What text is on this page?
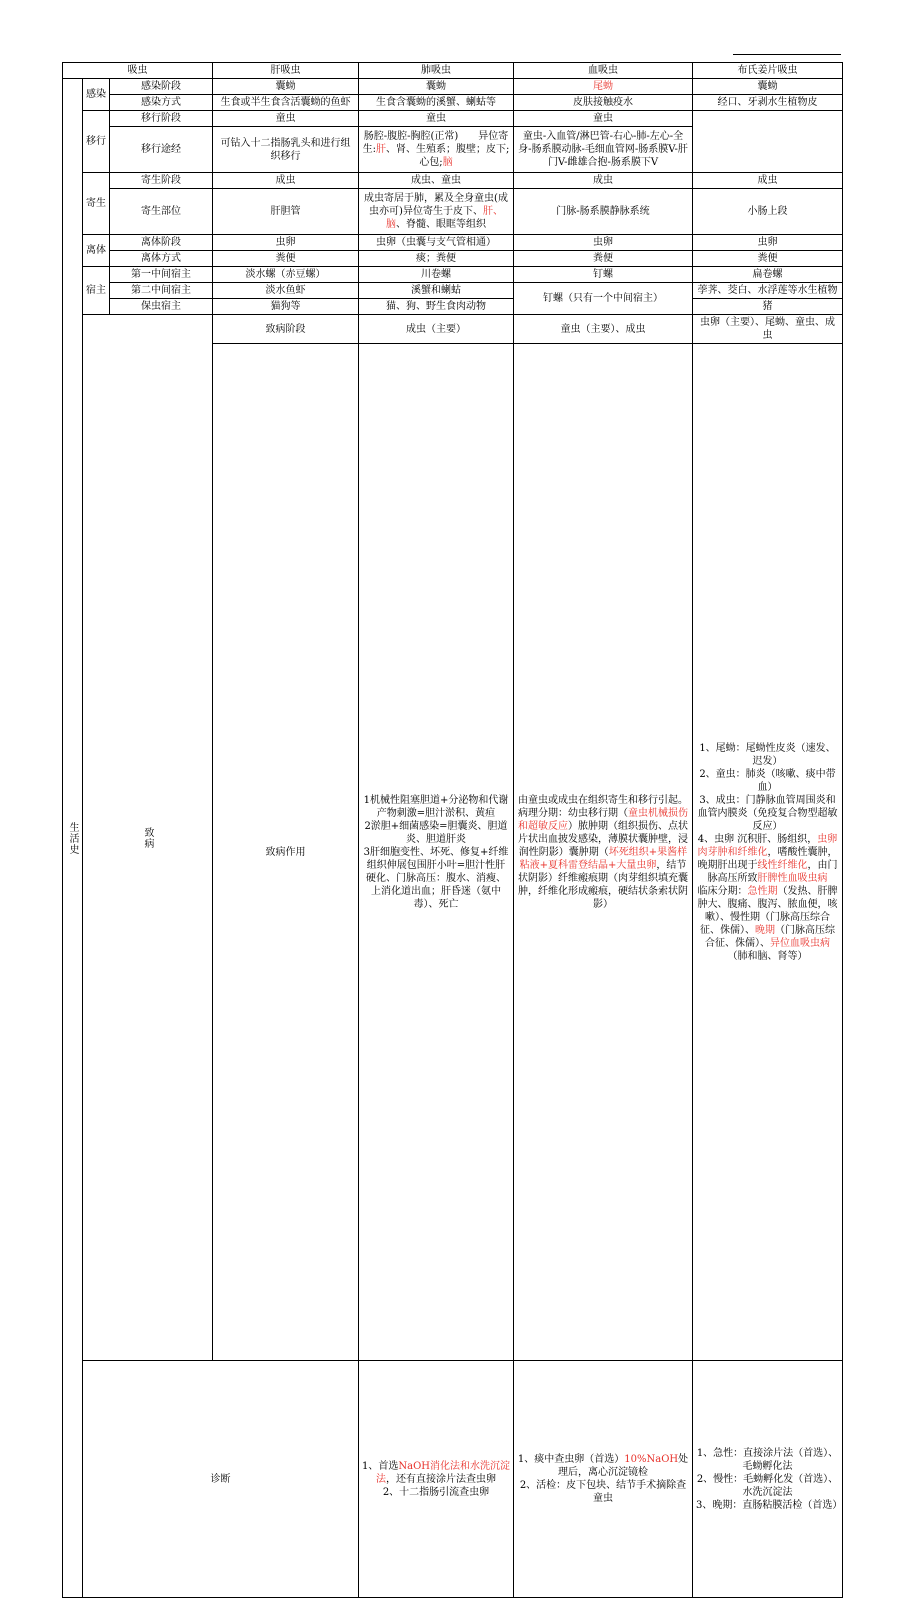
吸虫			肝吸虫	肺吸虫	血吸虫	布氏姜片吸虫	
生活史	感染	感染阶段	囊蚴	囊蚴	尾蚴	囊蚴	
		感染方式	生食或半生食含活囊蚴的鱼虾	生食含囊蚴的溪蟹、蝲蛄等	皮肤接触疫水	经口、牙剥水生植物皮	
	移行	移行阶段	童虫	童虫	童虫		
		移行途经	可钻入十二指肠乳头和进行组织移行	肠腔-腹腔-胸腔(正常)　　异位寄生:肝、肾、生殖系；腹壁；皮下;心包;脑	童虫-入血管/淋巴管-右心-肺-左心-全身-肠系膜动脉-毛细血管网-肠系膜V-肝门V-雌雄合抱-肠系膜下V		
	寄生	寄生阶段	成虫	成虫、童虫	成虫	成虫	
		寄生部位	肝胆管	成虫寄居于肺，累及全身童虫(成虫亦可)异位寄生于皮下、肝、脑、脊髓、眼眶等组织	门脉-肠系膜静脉系统	小肠上段	
	离体	离体阶段	虫卵	虫卵（虫囊与支气管相通）	虫卵	虫卵	
		离体方式	粪便	痰；粪便	粪便	粪便	
	宿主	第一中间宿主	淡水螺（赤豆螺）	川卷螺	钉螺	扁卷螺	
		第二中间宿主	淡水鱼虾	溪蟹和蝲蛄	钉螺（只有一个中间宿主）	荸荠、茭白、水浮莲等水生植物	
		保虫宿主	猫狗等	猫、狗、野生食肉动物		猪	
	致病		致病阶段	成虫（主要）	童虫（主要）、成虫	虫卵（主要）、尾蚴、童虫、成虫	
			致病作用	1机械性阻塞胆道+分泌物和代谢产物刺激=胆汁淤积、黄疸
2淤胆+细菌感染=胆囊炎、胆道炎、胆道肝炎
3肝细胞变性、坏死、修复+纤维组织伸展包围肝小叶=胆汁性肝硬化、门脉高压：腹水、消瘦、上消化道出血；肝昏迷（氨中毒）、死亡	由童虫或成虫在组织寄生和移行引起。病理分期：幼虫移行期（童虫机械损伤和超敏反应）脓肿期（组织损伤、点状片状出血披发感染，薄膜状囊肿壁，浸润性阴影）囊肿期（坏死组织+果酱样粘液+夏科雷登结晶+大量虫卵，结节状阴影）纤维瘢痕期（肉芽组织填充囊肿，纤维化形成瘢痕，硬结状条索状阴影）	1、尾蚴：尾蚴性皮炎（速发、迟发）
2、童虫：肺炎（咳嗽、痰中带血）
3、成虫：门静脉血管周围炎和血管内膜炎（免疫复合物型超敏反应）
4、虫卵 沉积肝、肠组织，虫卵肉芽肿和纤维化，嗜酸性囊肿，晚期肝出现于线性纤维化，由门脉高压所致肝脾性血吸虫病
临床分期：急性期（发热、肝脾肿大、腹痛、腹泻、脓血便，咳嗽）、慢性期（门脉高压综合征、侏儒）、晚期（门脉高压综合征、侏儒）、异位血吸虫病（肺和脑、肾等）	
	诊断			1、首选NaOH消化法和水洗沉淀法，还有直接涂片法查虫卵
2、十二指肠引流查虫卵	1、痰中查虫卵（首选）10%NaOH处理后，离心沉淀镜检
2、活检：皮下包块、结节手术摘除查童虫	1、急性：直接涂片法（首选）、毛蚴孵化法
2、慢性：毛蚴孵化发（首选）、水洗沉淀法
3、晚期：直肠粘膜活检（首选）	　　　　　
